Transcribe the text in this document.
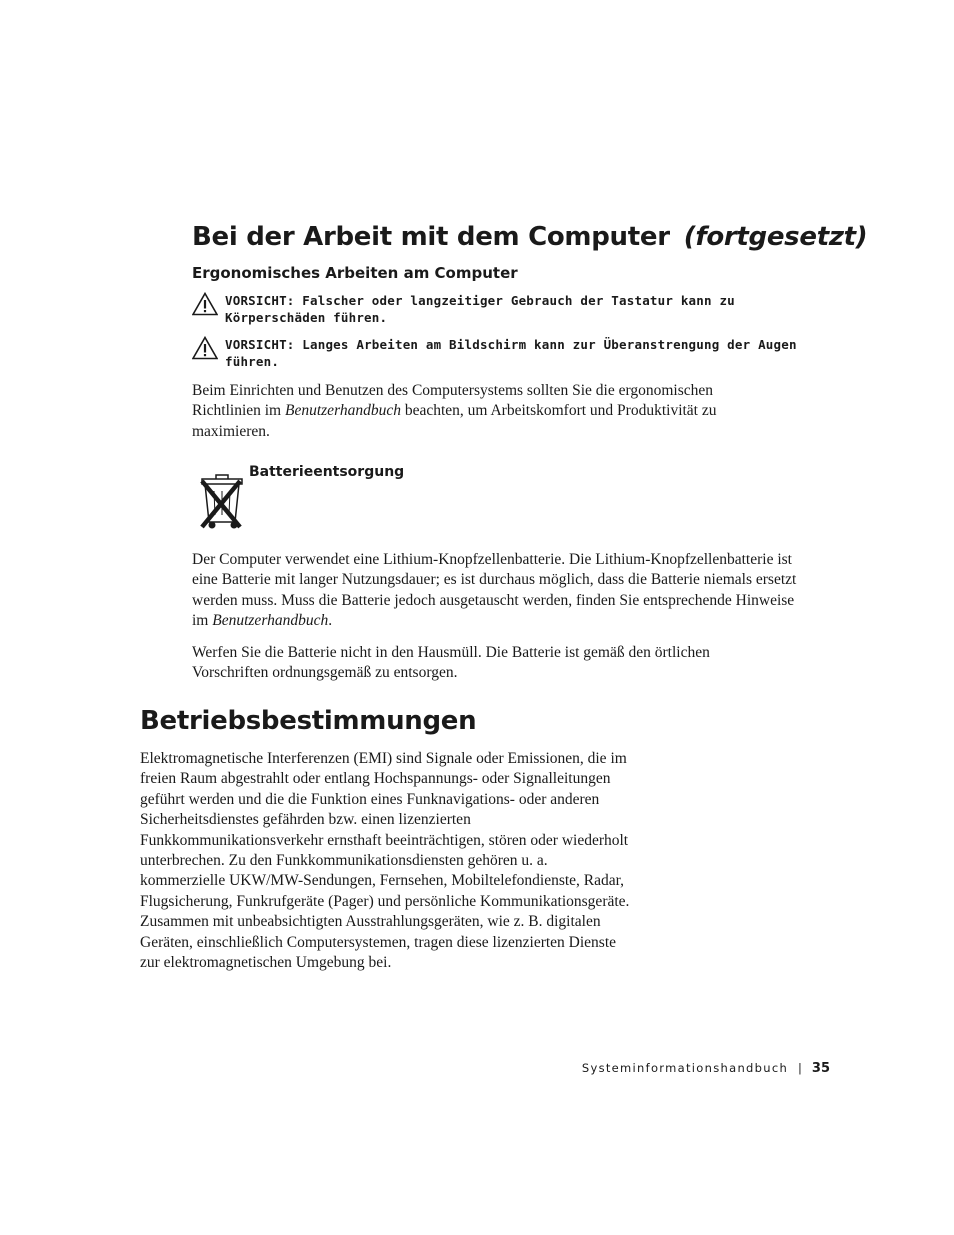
Bei der Arbeit mit dem Computer (fortgesetzt)
Ergonomisches Arbeiten am Computer
VORSICHT: Falscher oder langzeitiger Gebrauch der Tastatur kann zu Körperschäden führen.
VORSICHT: Langes Arbeiten am Bildschirm kann zur Überanstrengung der Augen führen.

Beim Einrichten und Benutzen des Computersystems sollten Sie die ergonomischen Richtlinien im Benutzerhandbuch beachten, um Arbeitskomfort und Produktivität zu maximieren.

Batterieentsorgung

Der Computer verwendet eine Lithium-Knopfzellenbatterie. Die Lithium-Knopfzellenbatterie ist eine Batterie mit langer Nutzungsdauer; es ist durchaus möglich, dass die Batterie niemals ersetzt werden muss. Muss die Batterie jedoch ausgetauscht werden, finden Sie entsprechende Hinweise im Benutzerhandbuch.

Werfen Sie die Batterie nicht in den Hausmüll. Die Batterie ist gemäß den örtlichen Vorschriften ordnungsgemäß zu entsorgen.

Betriebsbestimmungen

Elektromagnetische Interferenzen (EMI) sind Signale oder Emissionen, die im freien Raum abgestrahlt oder entlang Hochspannungs- oder Signalleitungen geführt werden und die die Funktion eines Funknavigations- oder anderen Sicherheitsdienstes gefährden bzw. einen lizenzierten Funkkommunikationsverkehr ernsthaft beeinträchtigen, stören oder wiederholt unterbrechen. Zu den Funkkommunikationsdiensten gehören u. a. kommerzielle UKW/MW-Sendungen, Fernsehen, Mobiltelefondienste, Radar, Flugsicherung, Funkrufgeräte (Pager) und persönliche Kommunikationsgeräte. Zusammen mit unbeabsichtigten Ausstrahlungsgeräten, wie z. B. digitalen Geräten, einschließlich Computersystemen, tragen diese lizenzierten Dienste zur elektromagnetischen Umgebung bei.

Systeminformationshandbuch | 35
